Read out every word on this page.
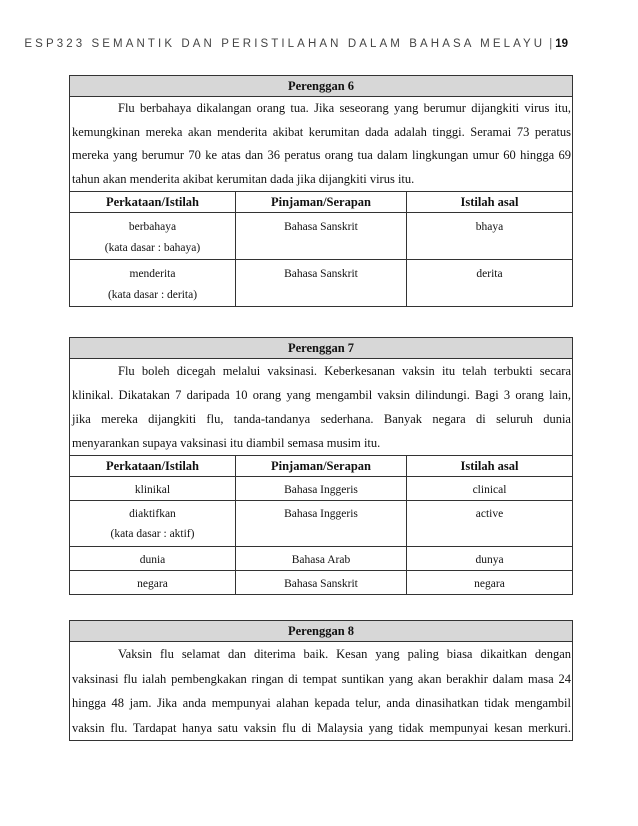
ESP323 SEMANTIK DAN PERISTILAHAN DALAM BAHASA MELAYU | 19
Perenggan 6		

Flu berbahaya dikalangan orang tua. Jika seseorang yang berumur dijangkiti virus itu,
kemungkinan mereka akan menderita akibat kerumitan dada adalah tinggi. Seramai 73 peratus
mereka yang berumur 70 ke atas dan 36 peratus orang tua dalam lingkungan umur 60 hingga 69
tahun akan menderita akibat kerumitan dada jika dijangkiti virus itu.		

Perkataan/Istilah	Pinjaman/Serapan	Istilah asal

berbahaya
(kata dasar : bahaya)	Bahasa Sanskrit	bhaya

menderita
(kata dasar : derita)	Bahasa Sanskrit	derita
Perenggan 7		

Flu boleh dicegah melalui vaksinasi. Keberkesanan vaksin itu telah terbukti secara
klinikal. Dikatakan 7 daripada 10 orang yang mengambil vaksin dilindungi. Bagi 3 orang lain,
jika mereka dijangkiti flu, tanda-tandanya sederhana. Banyak negara di seluruh dunia
menyarankan supaya vaksinasi itu diambil semasa musim itu.		

Perkataan/Istilah	Pinjaman/Serapan	Istilah asal
klinikal	Bahasa Inggeris	clinical

diaktifkan
(kata dasar : aktif)	Bahasa Inggeris	active
dunia	Bahasa Arab	dunya
negara	Bahasa Sanskrit	negara
Perenggan 8

Vaksin flu selamat dan diterima baik. Kesan yang paling biasa dikaitkan dengan
vaksinasi flu ialah pembengkakan ringan di tempat suntikan yang akan berakhir dalam masa 24
hingga 48 jam. Jika anda mempunyai alahan kepada telur, anda dinasihatkan tidak mengambil
vaksin flu. Tardapat hanya satu vaksin flu di Malaysia yang tidak mempunyai kesan merkuri.
